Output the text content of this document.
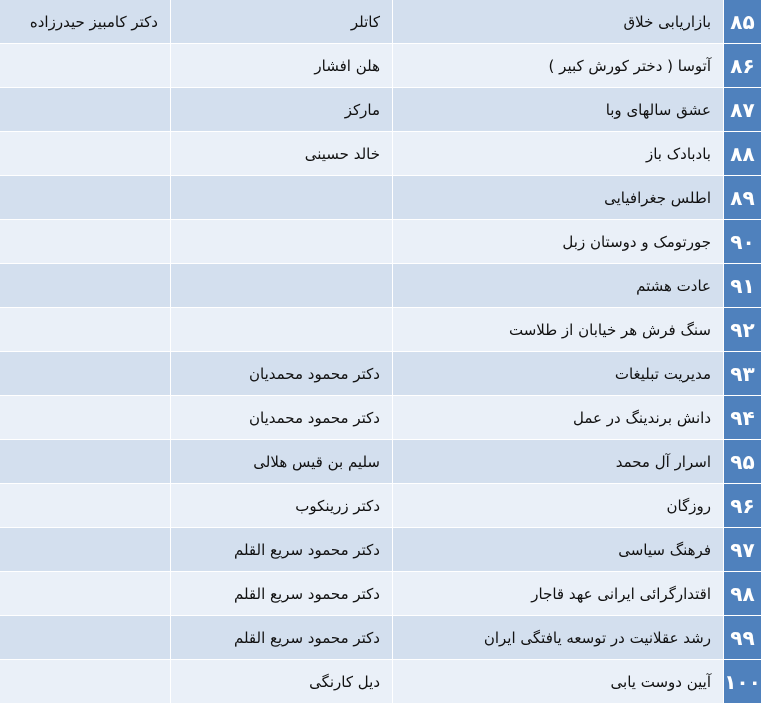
۸۵	بازاریابی خلاق	کاتلر	دکتر کامبیز حیدرزاده
۸۶	آتوسا ( دختر کورش کبیر )	هلن افشار	
۸۷	عشق سالهای وبا	مارکز	
۸۸	بادبادک باز	خالد حسینی	
۸۹	اطلس جغرافیایی		
۹۰	جورتومک و دوستان زبل		
۹۱	عادت هشتم		
۹۲	سنگ فرش هر خیابان از طلاست		
۹۳	مدیریت تبلیغات	دکتر محمود محمدیان	
۹۴	دانش برندینگ در عمل	دکتر محمود محمدیان	
۹۵	اسرار آل محمد	سلیم بن قیس هلالی	
۹۶	روزگان	دکتر زرینکوب	
۹۷	فرهنگ سیاسی	دکتر محمود سریع القلم	
۹۸	اقتدارگرائی ایرانی عهد قاجار	دکتر محمود سریع القلم	
۹۹	رشد عقلانیت در توسعه یافتگی ایران	دکتر محمود سریع القلم	
۱۰۰	آیین دوست یابی	دیل کارنگی	
